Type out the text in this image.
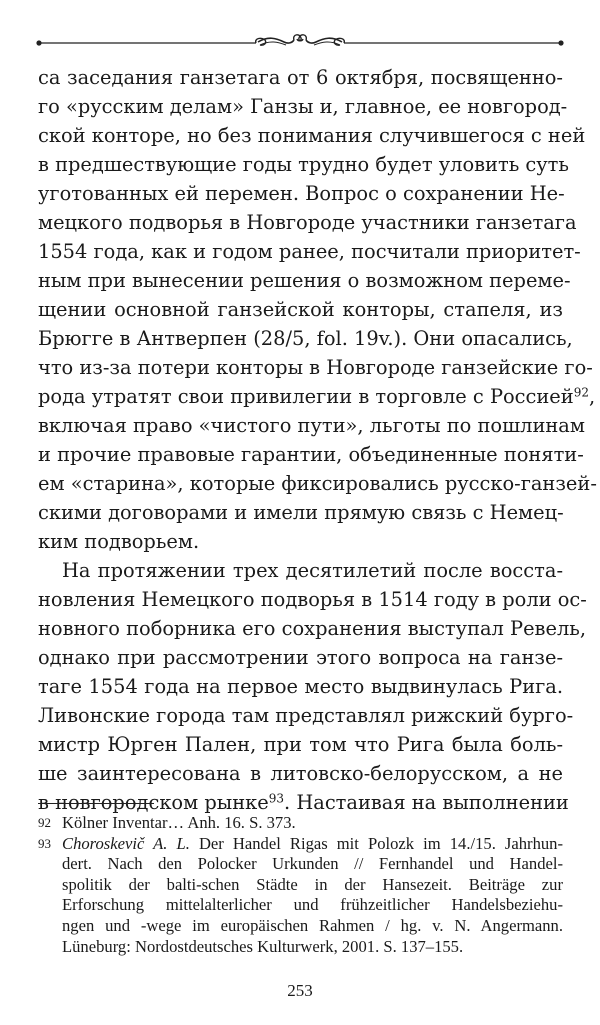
са заседания ганзетага от 6 октября, посвященно-
го «русским делам» Ганзы и, главное, ее новгород-
ской конторе, но без понимания случившегося с ней
в предшествующие годы трудно будет уловить суть
уготованных ей перемен. Вопрос о сохранении Не-
мецкого подворья в Новгороде участники ганзетага
1554 года, как и годом ранее, посчитали приоритет-
ным при вынесении решения о возможном переме-
щении основной ганзейской конторы, стапеля, из
Брюгге в Антверпен (28/5, fol. 19v.). Они опасались,
что из-за потери конторы в Новгороде ганзейские го-
рода утратят свои привилегии в торговле с Россией$^{92}$,
включая право «чистого пути», льготы по пошлинам
и прочие правовые гарантии, объединенные поняти-
ем «старина», которые фиксировались русско-ганзей-
скими договорами и имели прямую связь с Немец-
ким подворьем.
На протяжении трех десятилетий после восста-
новления Немецкого подворья в 1514 году в роли ос-
новного поборника его сохранения выступал Ревель,
однако при рассмотрении этого вопроса на ганзе-
таге 1554 года на первое место выдвинулась Рига.
Ливонские города там представлял рижский бурго-
мистр Юрген Пален, при том что Рига была боль-
ше заинтересована в литовско-белорусском, а не
в новгородском рынке$^{93}$. Настаивая на выполнении
92 Kölner Inventar… Anh. 16. S. 373.
93 Choroskevič A. L. Der Handel Rigas mit Polozk im 14./15. Jahrhun-
dert. Nach den Polocker Urkunden // Fernhandel und Handel-
spolitik der balti-schen Städte in der Hansezeit. Beiträge zur
Erforschung mittelalterlicher und frühzeitlicher Handelsbeziehu-
ngen und -wege im europäischen Rahmen / hg. v. N. Angermann.
Lüneburg: Nordostdeutsches Kulturwerk, 2001. S. 137–155.
253
